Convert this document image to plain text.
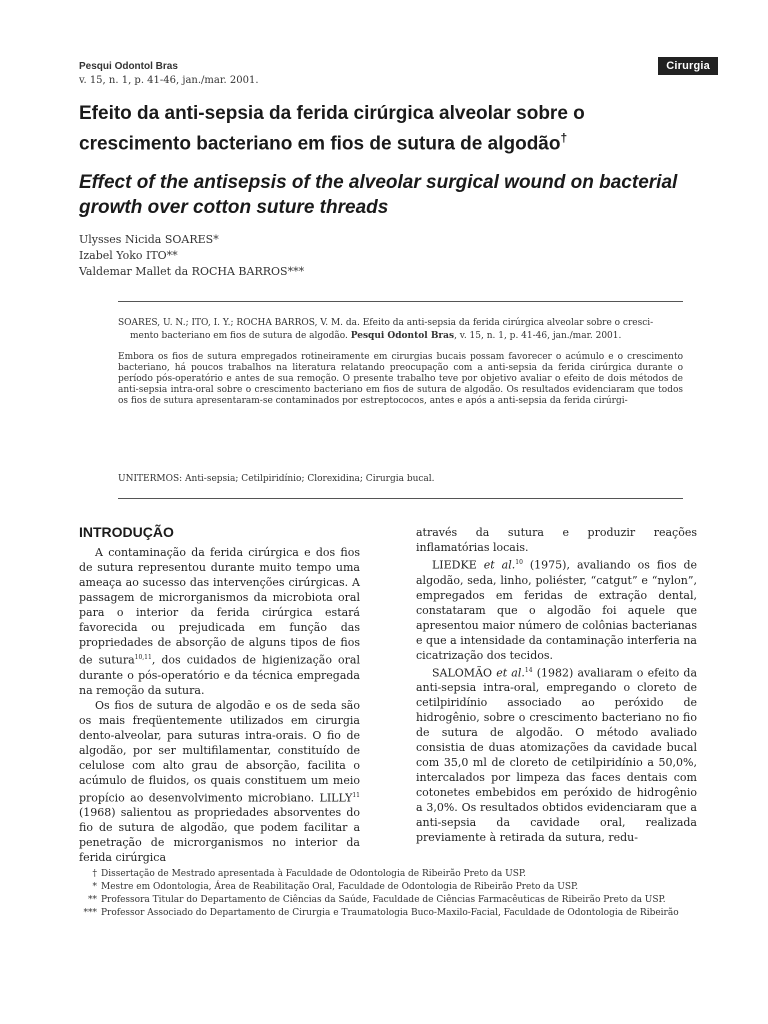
Pesqui Odontol Bras
v. 15, n. 1, p. 41-46, jan./mar. 2001.
Cirurgia
Efeito da anti-sepsia da ferida cirúrgica alveolar sobre o crescimento bacteriano em fios de sutura de algodão†
Effect of the antisepsis of the alveolar surgical wound on bacterial growth over cotton suture threads
Ulysses Nicida SOARES*
Izabel Yoko ITO**
Valdemar Mallet da ROCHA BARROS***
SOARES, U. N.; ITO, I. Y.; ROCHA BARROS, V. M. da. Efeito da anti-sepsia da ferida cirúrgica alveolar sobre o cresci-
mento bacteriano em fios de sutura de algodão. Pesqui Odontol Bras, v. 15, n. 1, p. 41-46, jan./mar. 2001.
Embora os fios de sutura empregados rotineiramente em cirurgias bucais possam favorecer o acúmulo e o crescimento bacteriano, há poucos trabalhos na literatura relatando preocupação com a anti-sepsia da ferida cirúrgica durante o período pós-operatório e antes de sua remoção. O presente trabalho teve por objetivo avaliar o efeito de dois métodos de anti-sepsia intra-oral sobre o crescimento bacteriano em fios de sutura de algodão. Os resultados evidenciaram que todos os fios de sutura apresentaram-se contaminados por estreptococos, antes e após a anti-sepsia da ferida cirúrgi-
UNITERMOS: Anti-sepsia; Cetilpiridínio; Clorexidina; Cirurgia bucal.
INTRODUÇÃO

A contaminação da ferida cirúrgica e dos fios de sutura representou durante muito tempo uma ameaça ao sucesso das intervenções cirúrgicas. A passagem de microrganismos da microbiota oral para o interior da ferida cirúrgica estará favorecida ou prejudicada em função das propriedades de absorção de alguns tipos de fios de sutura$^{10,11}$, dos cuidados de higienização oral durante o pós-operatório e da técnica empregada na remoção da sutura.

Os fios de sutura de algodão e os de seda são os mais freqüentemente utilizados em cirurgia dento-alveolar, para suturas intra-orais. O fio de algodão, por ser multifilamentar, constituído de celulose com alto grau de absorção, facilita o acúmulo de fluidos, os quais constituem um meio propício ao desenvolvimento microbiano. LILLY$^{11}$ (1968) salientou as propriedades absorventes do fio de sutura de algodão, que podem facilitar a penetração de microrganismos no interior da ferida cirúrgica

através da sutura e produzir reações inflamatórias locais.

LIEDKE et al.$^{10}$ (1975), avaliando os fios de algodão, seda, linho, poliéster, “catgut” e “nylon”, empregados em feridas de extração dental, constataram que o algodão foi aquele que apresentou maior número de colônias bacterianas e que a intensidade da contaminação interferia na cicatrização dos tecidos.

SALOMÃO et al.$^{14}$ (1982) avaliaram o efeito da anti-sepsia intra-oral, empregando o cloreto de cetilpiridínio associado ao peróxido de hidrogênio, sobre o crescimento bacteriano no fio de sutura de algodão. O método avaliado consistia de duas atomizações da cavidade bucal com 35,0 ml de cloreto de cetilpiridínio a 50,0%, intercalados por limpeza das faces dentais com cotonetes embebidos em peróxido de hidrogênio a 3,0%. Os resultados obtidos evidenciaram que a anti-sepsia da cavidade oral, realizada previamente à retirada da sutura, redu-

† Dissertação de Mestrado apresentada à Faculdade de Odontologia de Ribeirão Preto da USP.
* Mestre em Odontologia, Área de Reabilitação Oral, Faculdade de Odontologia de Ribeirão Preto da USP.
** Professora Titular do Departamento de Ciências da Saúde, Faculdade de Ciências Farmacêuticas de Ribeirão Preto da USP.
*** Professor Associado do Departamento de Cirurgia e Traumatologia Buco-Maxilo-Facial, Faculdade de Odontologia de Ribeirão
